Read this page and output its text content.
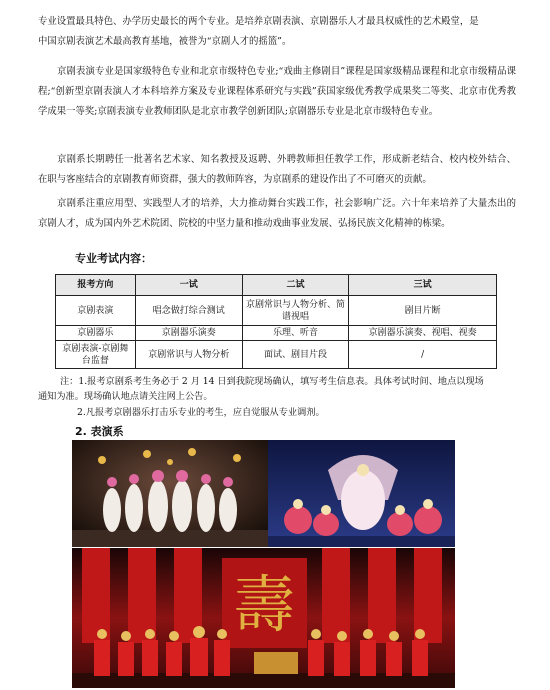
专业设置最具特色、办学历史最长的两个专业。是培养京剧表演、京剧器乐人才最具权威性的艺术殿堂，是
中国京剧表演艺术最高教育基地，被誉为“京剧人才的摇篮”。

京剧表演专业是国家级特色专业和北京市级特色专业;“戏曲主修剧目”课程是国家级精品课程和北京市级精品课程;“创新型京剧表演人才本科培养方案及专业课程体系研究与实践”获国家级优秀教学成果奖二等奖、北京市优秀教学成果一等奖;京剧表演专业教师团队是北京市教学创新团队;京剧器乐专业是北京市级特色专业。

京剧系长期聘任一批著名艺术家、知名教授及返聘、外聘教师担任教学工作，形成新老结合、校内校外结合、在职与客座结合的京剧教育师资群，强大的教师阵容，为京剧系的建设作出了不可磨灭的贡献。

京剧系注重应用型、实践型人才的培养，大力推动舞台实践工作，社会影响广泛。六十年来培养了大量杰出的京剧人才，成为国内外艺术院团、院校的中坚力量和推动戏曲事业发展、弘扬民族文化精神的栋梁。

专业考试内容：
报考方向	一试	二试	三试
京剧表演	唱念做打综合测试	京剧常识与人物分析、简谱视唱	剧目片断
京剧器乐	京剧器乐演奏	乐理、听音	京剧器乐演奏、视唱、视奏
京剧表演-京剧舞台监督	京剧常识与人物分析	面试、剧目片段	/

注：1.报考京剧系考生务必于 2 月 14 日到我院现场确认，填写考生信息表。具体考试时间、地点以现场

通知为准。现场确认地点请关注网上公告。

2.凡报考京剧器乐打击乐专业的考生，应自觉服从专业调剂。

2. 表演系
壽
